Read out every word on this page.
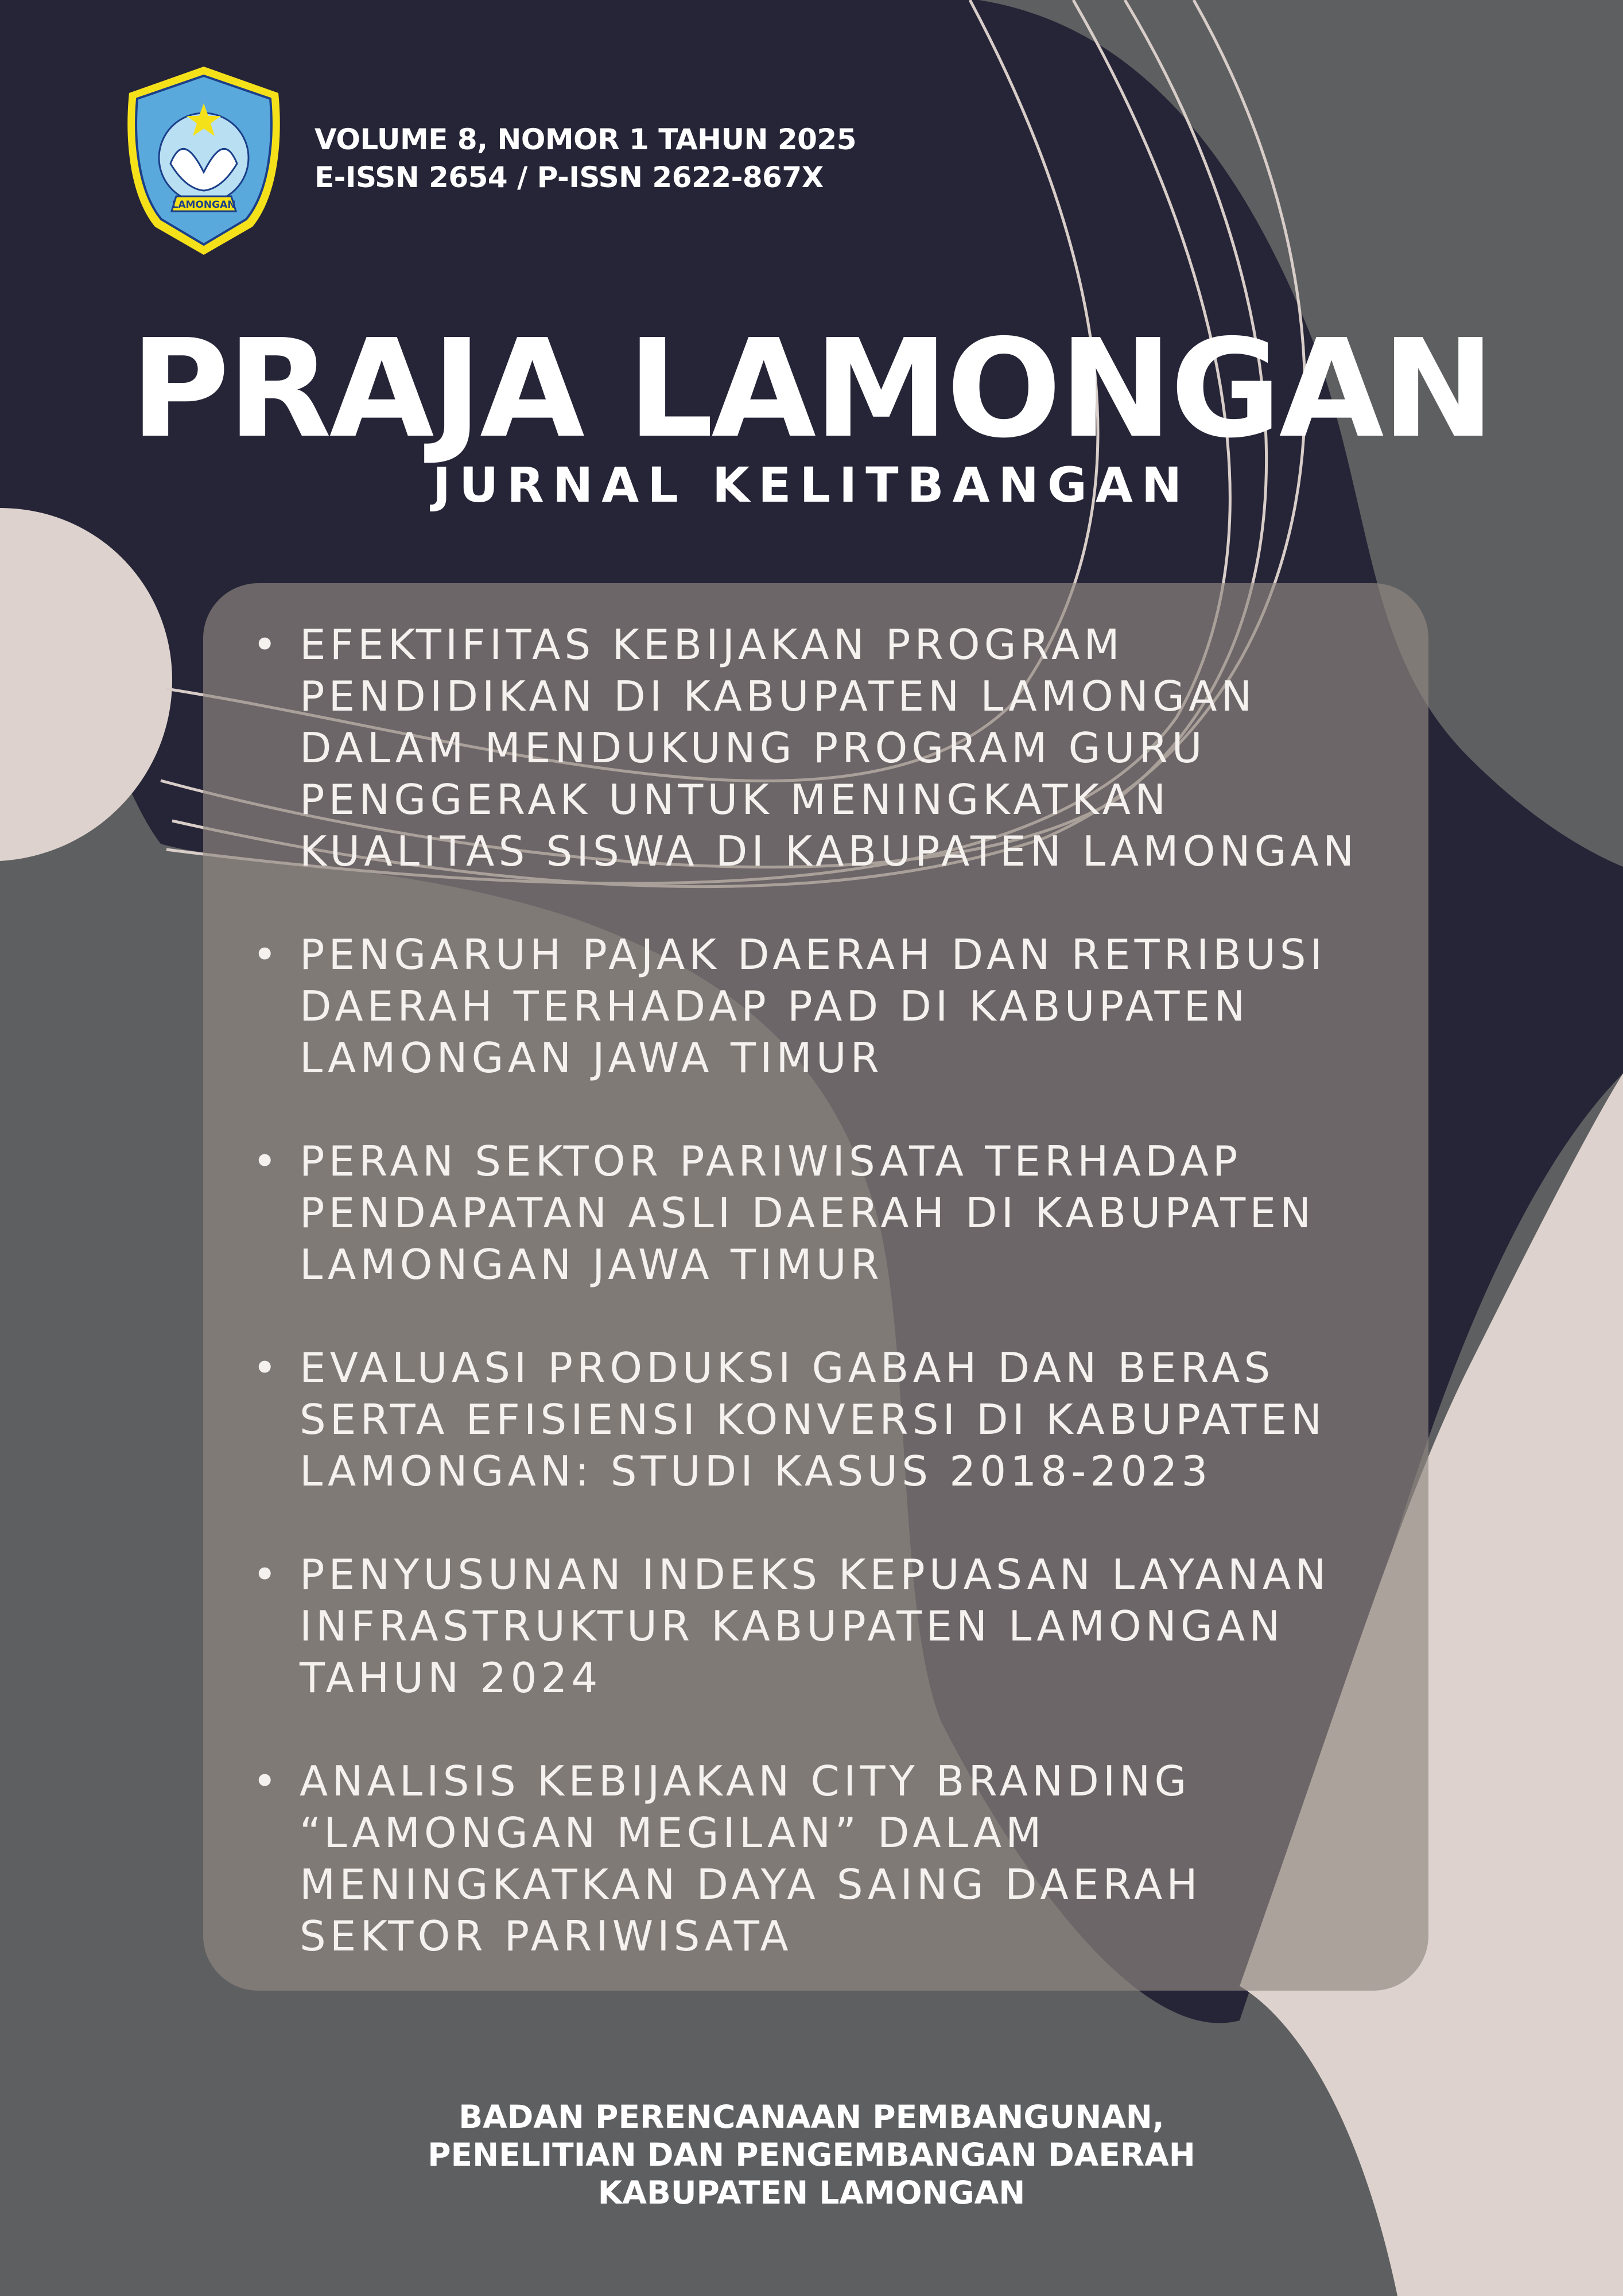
LAMONGAN
VOLUME 8, NOMOR 1 TAHUN 2025
E-ISSN 2654 / P-ISSN 2622-867X
PRAJA LAMONGAN
JURNAL KELITBANGAN
• EFEKTIFITAS KEBIJAKAN PROGRAM
PENDIDIKAN DI KABUPATEN LAMONGAN
DALAM MENDUKUNG PROGRAM GURU
PENGGERAK UNTUK MENINGKATKAN
KUALITAS SISWA DI KABUPATEN LAMONGAN
• PENGARUH PAJAK DAERAH DAN RETRIBUSI
DAERAH TERHADAP PAD DI KABUPATEN
LAMONGAN JAWA TIMUR
• PERAN SEKTOR PARIWISATA TERHADAP
PENDAPATAN ASLI DAERAH DI KABUPATEN
LAMONGAN JAWA TIMUR
• EVALUASI PRODUKSI GABAH DAN BERAS
SERTA EFISIENSI KONVERSI DI KABUPATEN
LAMONGAN: STUDI KASUS 2018-2023
• PENYUSUNAN INDEKS KEPUASAN LAYANAN
INFRASTRUKTUR KABUPATEN LAMONGAN
TAHUN 2024
• ANALISIS KEBIJAKAN CITY BRANDING
“LAMONGAN MEGILAN” DALAM
MENINGKATKAN DAYA SAING DAERAH
SEKTOR PARIWISATA
BADAN PERENCANAAN PEMBANGUNAN,
PENELITIAN DAN PENGEMBANGAN DAERAH
KABUPATEN LAMONGAN
